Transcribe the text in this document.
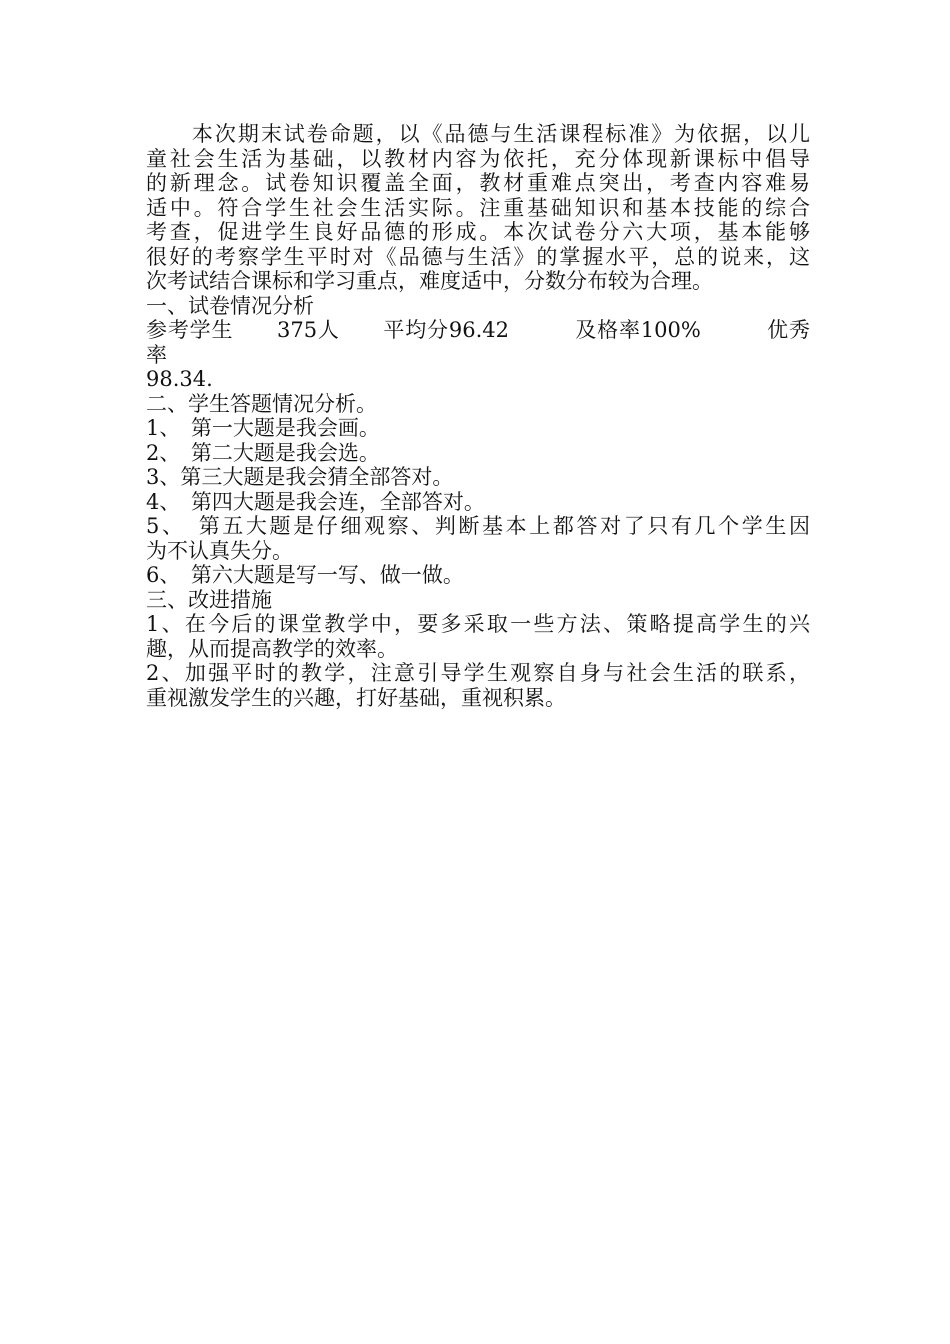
　　本次期末试卷命题，以《品德与生活课程标准》为依据，以儿
童社会生活为基础，以教材内容为依托，充分体现新课标中倡导
的新理念。试卷知识覆盖全面，教材重难点突出，考查内容难易
适中。符合学生社会生活实际。注重基础知识和基本技能的综合
考查，促进学生良好品德的形成。本次试卷分六大项，基本能够
很好的考察学生平时对《品德与生活》的掌握水平，总的说来，这
次考试结合课标和学习重点，难度适中，分数分布较为合理。
一、试卷情况分析
参考学生　　375人　　平均分96.42　　　及格率100%　　　优秀率
98.34.
二、学生答题情况分析。
1、　第一大题是我会画。
2、　第二大题是我会选。
3、第三大题是我会猜全部答对。
4、　第四大题是我会连，全部答对。
5、　第五大题是仔细观察、判断基本上都答对了只有几个学生因
为不认真失分。
6、　第六大题是写一写、做一做。
三、改进措施
1、在今后的课堂教学中，要多采取一些方法、策略提高学生的兴
趣，从而提高教学的效率。
2、加强平时的教学，注意引导学生观察自身与社会生活的联系，
重视激发学生的兴趣，打好基础，重视积累。
